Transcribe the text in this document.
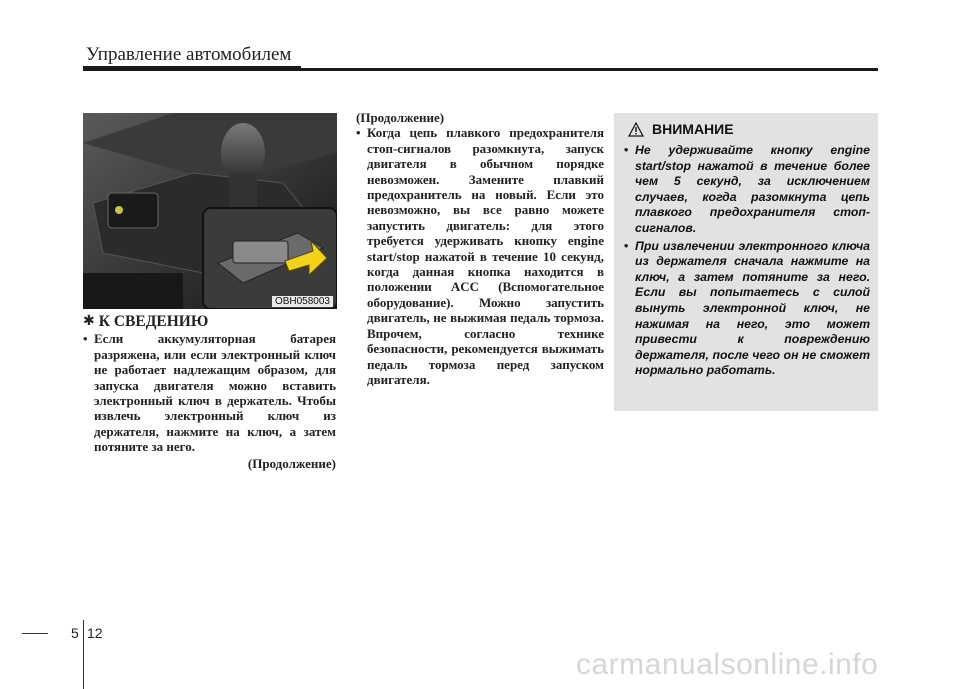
Управление автомобилем
OBH058003
✱ К СВЕДЕНИЮ
• Если аккумуляторная батарея разряжена, или если электронный ключ не работает надлежащим образом, для запуска двигателя можно вставить электронный ключ в держатель. Чтобы извлечь электронный ключ из держателя, нажмите на ключ, а затем потяните за него.
(Продолжение)
(Продолжение)
• Когда цепь плавкого предохранителя стоп-сигналов разомкнута, запуск двигателя в обычном порядке невозможен. Замените плавкий предохранитель на новый. Если это невозможно, вы все равно можете запустить двигатель: для этого требуется удерживать кнопку engine start/stop нажатой в течение 10 секунд, когда данная кнопка находится в положении ACC (Вспомогательное оборудование). Можно запустить двигатель, не выжимая педаль тормоза. Впрочем, согласно технике безопасности, рекомендуется выжимать педаль тормоза перед запуском двигателя.
ВНИМАНИЕ
• Не удерживайте кнопку engine start/stop нажатой в течение более чем 5 секунд, за исключением случаев, когда разомкнута цепь плавкого предохранителя стоп-сигналов.
• При извлечении электронного ключа из держателя сначала нажмите на ключ, а затем потяните за него. Если вы попытаетесь с силой вынуть электронной ключ, не нажимая на него, это может привести к повреждению держателя, после чего он не сможет нормально работать.
5 12
carmanualsonline.info
